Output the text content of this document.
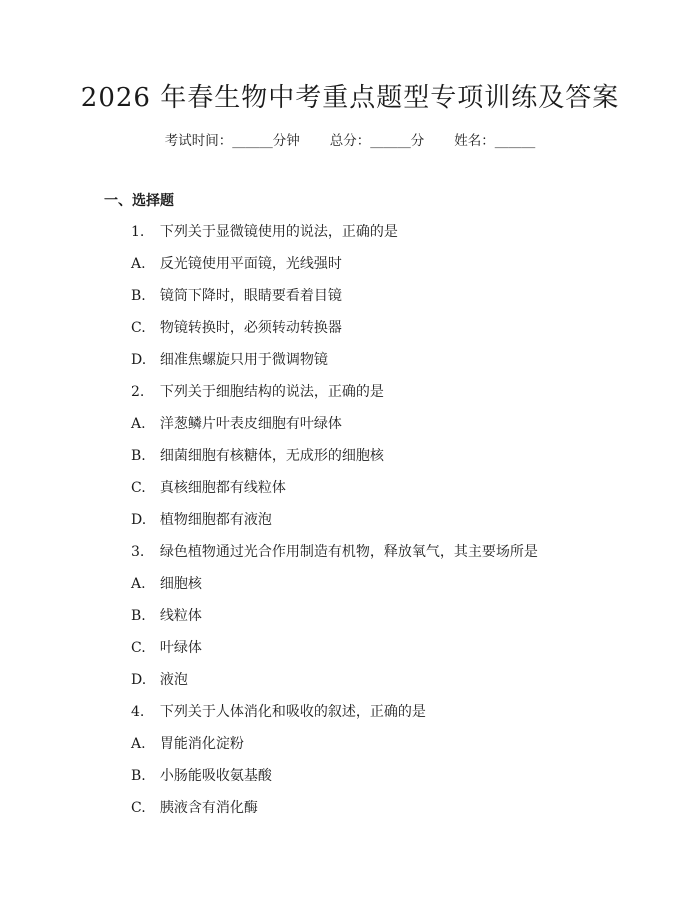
2026 年春生物中考重点题型专项训练及答案
考试时间：______分钟 总分：______分 姓名：______
一、选择题
1. 下列关于显微镜使用的说法，正确的是
A. 反光镜使用平面镜，光线强时
B. 镜筒下降时，眼睛要看着目镜
C. 物镜转换时，必须转动转换器
D. 细准焦螺旋只用于微调物镜
2. 下列关于细胞结构的说法，正确的是
A. 洋葱鳞片叶表皮细胞有叶绿体
B. 细菌细胞有核糖体，无成形的细胞核
C. 真核细胞都有线粒体
D. 植物细胞都有液泡
3. 绿色植物通过光合作用制造有机物，释放氧气，其主要场所是
A. 细胞核
B. 线粒体
C. 叶绿体
D. 液泡
4. 下列关于人体消化和吸收的叙述，正确的是
A. 胃能消化淀粉
B. 小肠能吸收氨基酸
C. 胰液含有消化酶
